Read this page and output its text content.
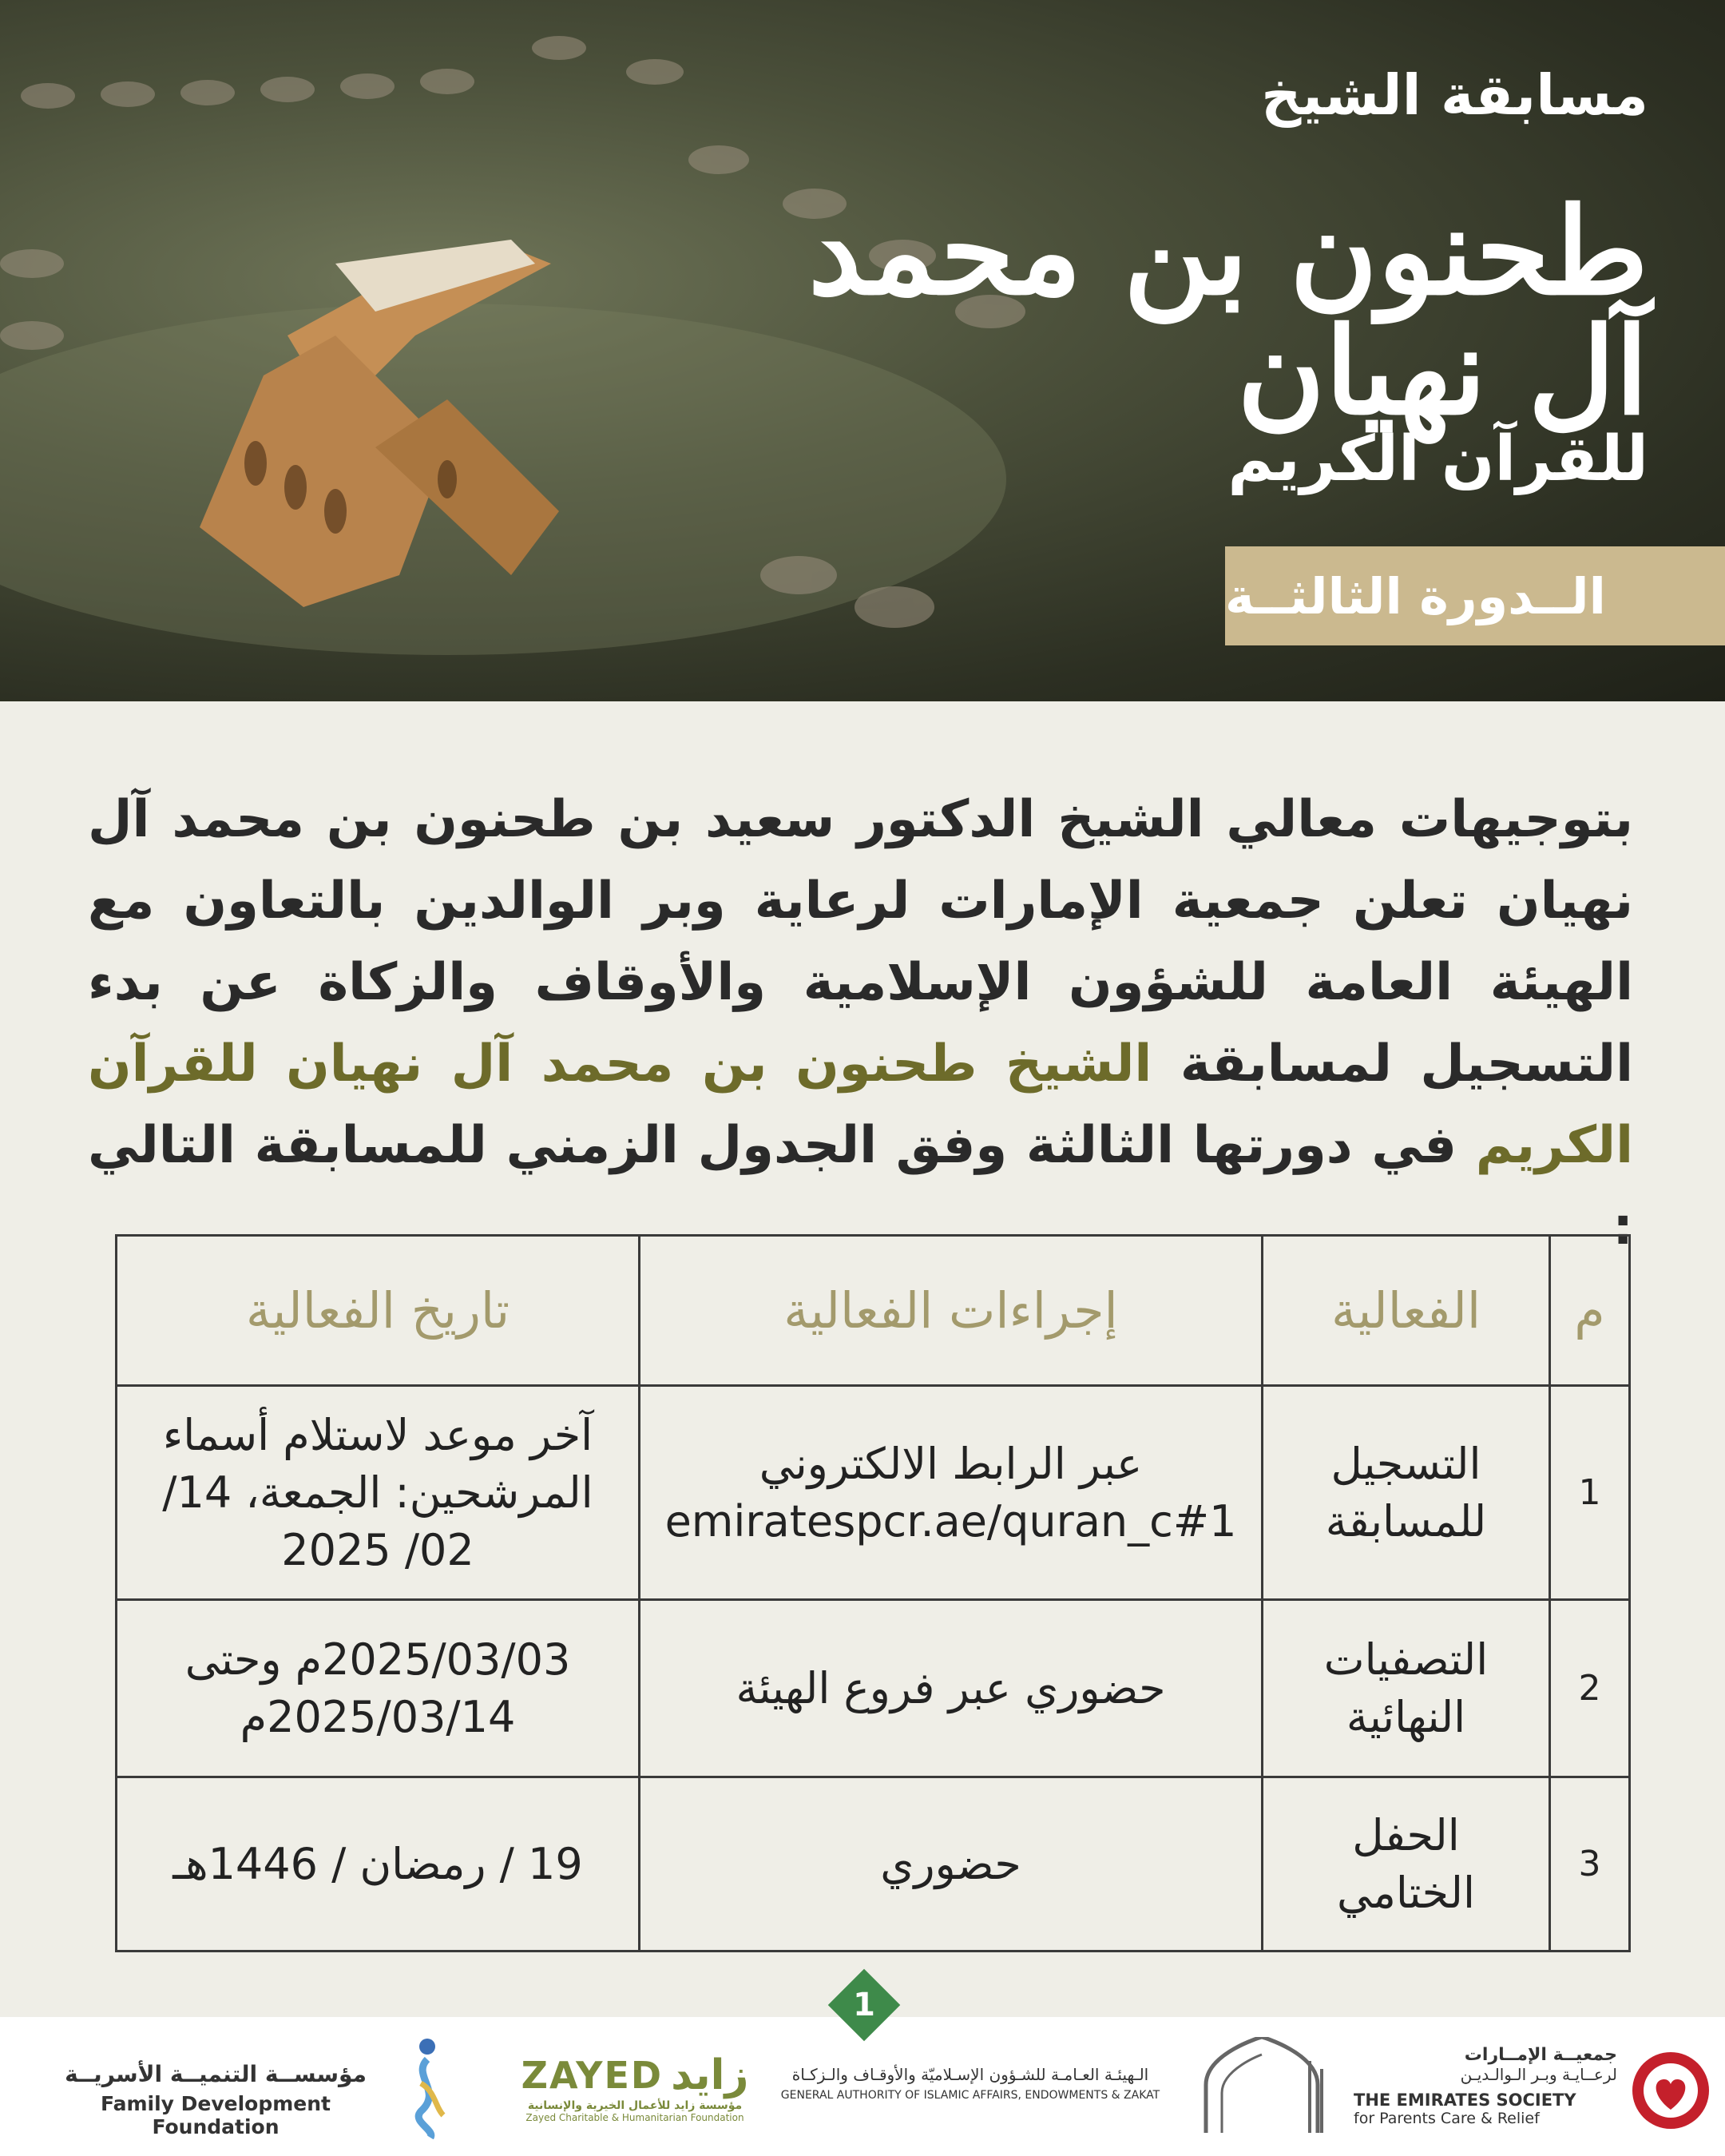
مسابقة الشيخ
طحنون بن محمد آل نهيان
للقرآن الكريم
الــدورة الثالثــة
بتوجيهات معالي الشيخ الدكتور سعيد بن طحنون بن محمد آل نهيان تعلن جمعية الإمارات لرعاية وبر الوالدين بالتعاون مع الهيئة العامة للشؤون الإسلامية والأوقاف والزكاة عن بدء التسجيل لمسابقة الشيخ طحنون بن محمد آل نهيان للقرآن الكريم في دورتها الثالثة وفق الجدول الزمني للمسابقة التالي :
م	الفعالية	إجراءات الفعالية	تاريخ الفعالية
1	التسجيل للمسابقة	عبر الرابط الالكتروني emiratespcr.ae/quran_c#1	آخر موعد لاستلام أسماء المرشحين: الجمعة، 14/ 02/ 2025
2	التصفيات النهائية	حضوري عبر فروع الهيئة	2025/03/03م وحتى 2025/03/14م
3	الحفل الختامي	حضوري	19 / رمضان / 1446هـ
1
مؤسســة التنميــة الأسريــة
Family Development Foundation
ZAYED زايد
مؤسسة زايد للأعمال الخيرية والإنسانية
Zayed Charitable & Humanitarian Foundation
الـهيئـة العـامـة للشـؤون الإسـلاميّة والأوقـاف والـزكـاة
GENERAL AUTHORITY OF ISLAMIC AFFAIRS, ENDOWMENTS & ZAKAT
جمعيــة الإمــارات
لرعــايـة وبـر الـوالـديـن
THE EMIRATES SOCIETY
for Parents Care & Relief
